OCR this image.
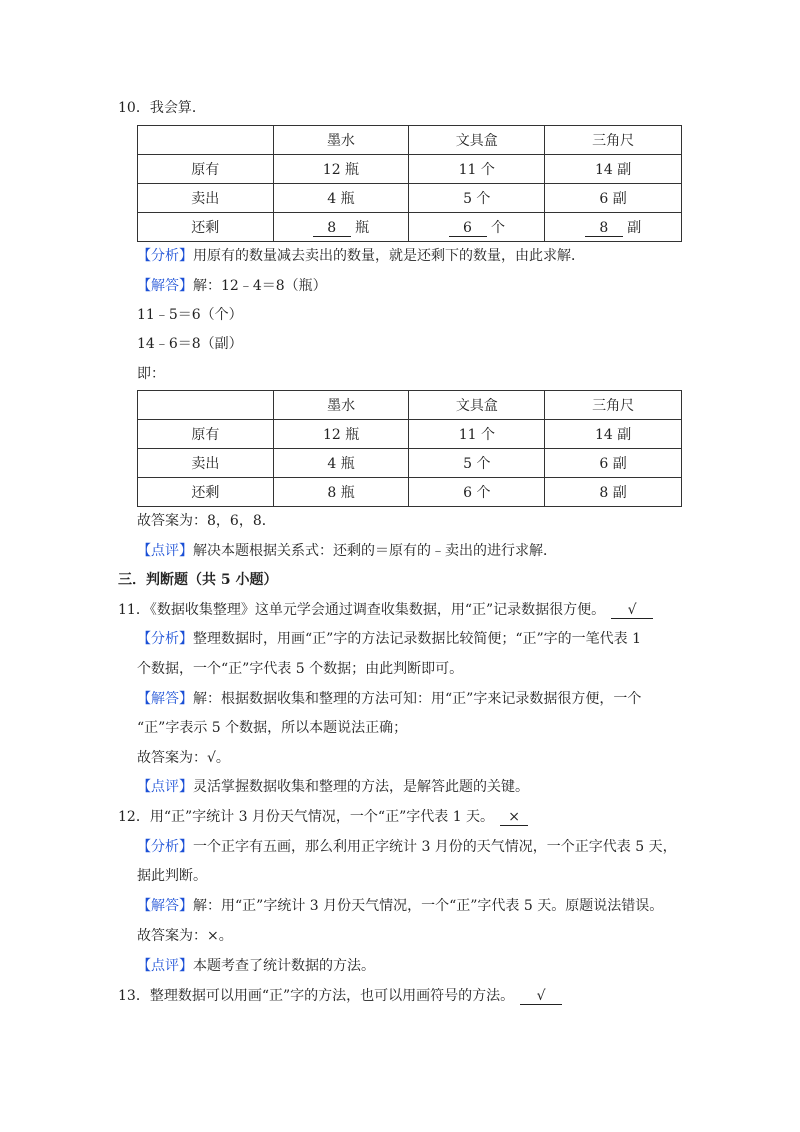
10．我会算．
	墨水	文具盒	三角尺
原有	12 瓶	11 个	14 副
卖出	4 瓶	5 个	6 副
还剩	8 瓶	6 个	8 副
【分析】用原有的数量减去卖出的数量，就是还剩下的数量，由此求解．
【解答】解：12﹣4＝8（瓶）
11﹣5＝6（个）
14﹣6＝8（副）
即：
	墨水	文具盒	三角尺
原有	12 瓶	11 个	14 副
卖出	4 瓶	5 个	6 副
还剩	8 瓶	6 个	8 副
故答案为：8，6，8．
【点评】解决本题根据关系式：还剩的＝原有的﹣卖出的进行求解．
三．判断题（共 5 小题）
11．《数据收集整理》这单元学会通过调查收集数据，用“正”记录数据很方便。 √
【分析】整理数据时，用画“正”字的方法记录数据比较简便；“正”字的一笔代表 1
个数据，一个“正”字代表 5 个数据；由此判断即可。
【解答】解：根据数据收集和整理的方法可知：用“正”字来记录数据很方便，一个
“正”字表示 5 个数据，所以本题说法正确；
故答案为：√。
【点评】灵活掌握数据收集和整理的方法，是解答此题的关键。
12．用“正”字统计 3 月份天气情况，一个“正”字代表 1 天。 ×
【分析】一个正字有五画，那么利用正字统计 3 月份的天气情况，一个正字代表 5 天，
据此判断。
【解答】解：用“正”字统计 3 月份天气情况，一个“正”字代表 5 天。原题说法错误。
故答案为：×。
【点评】本题考查了统计数据的方法。
13．整理数据可以用画“正”字的方法，也可以用画符号的方法。 √
